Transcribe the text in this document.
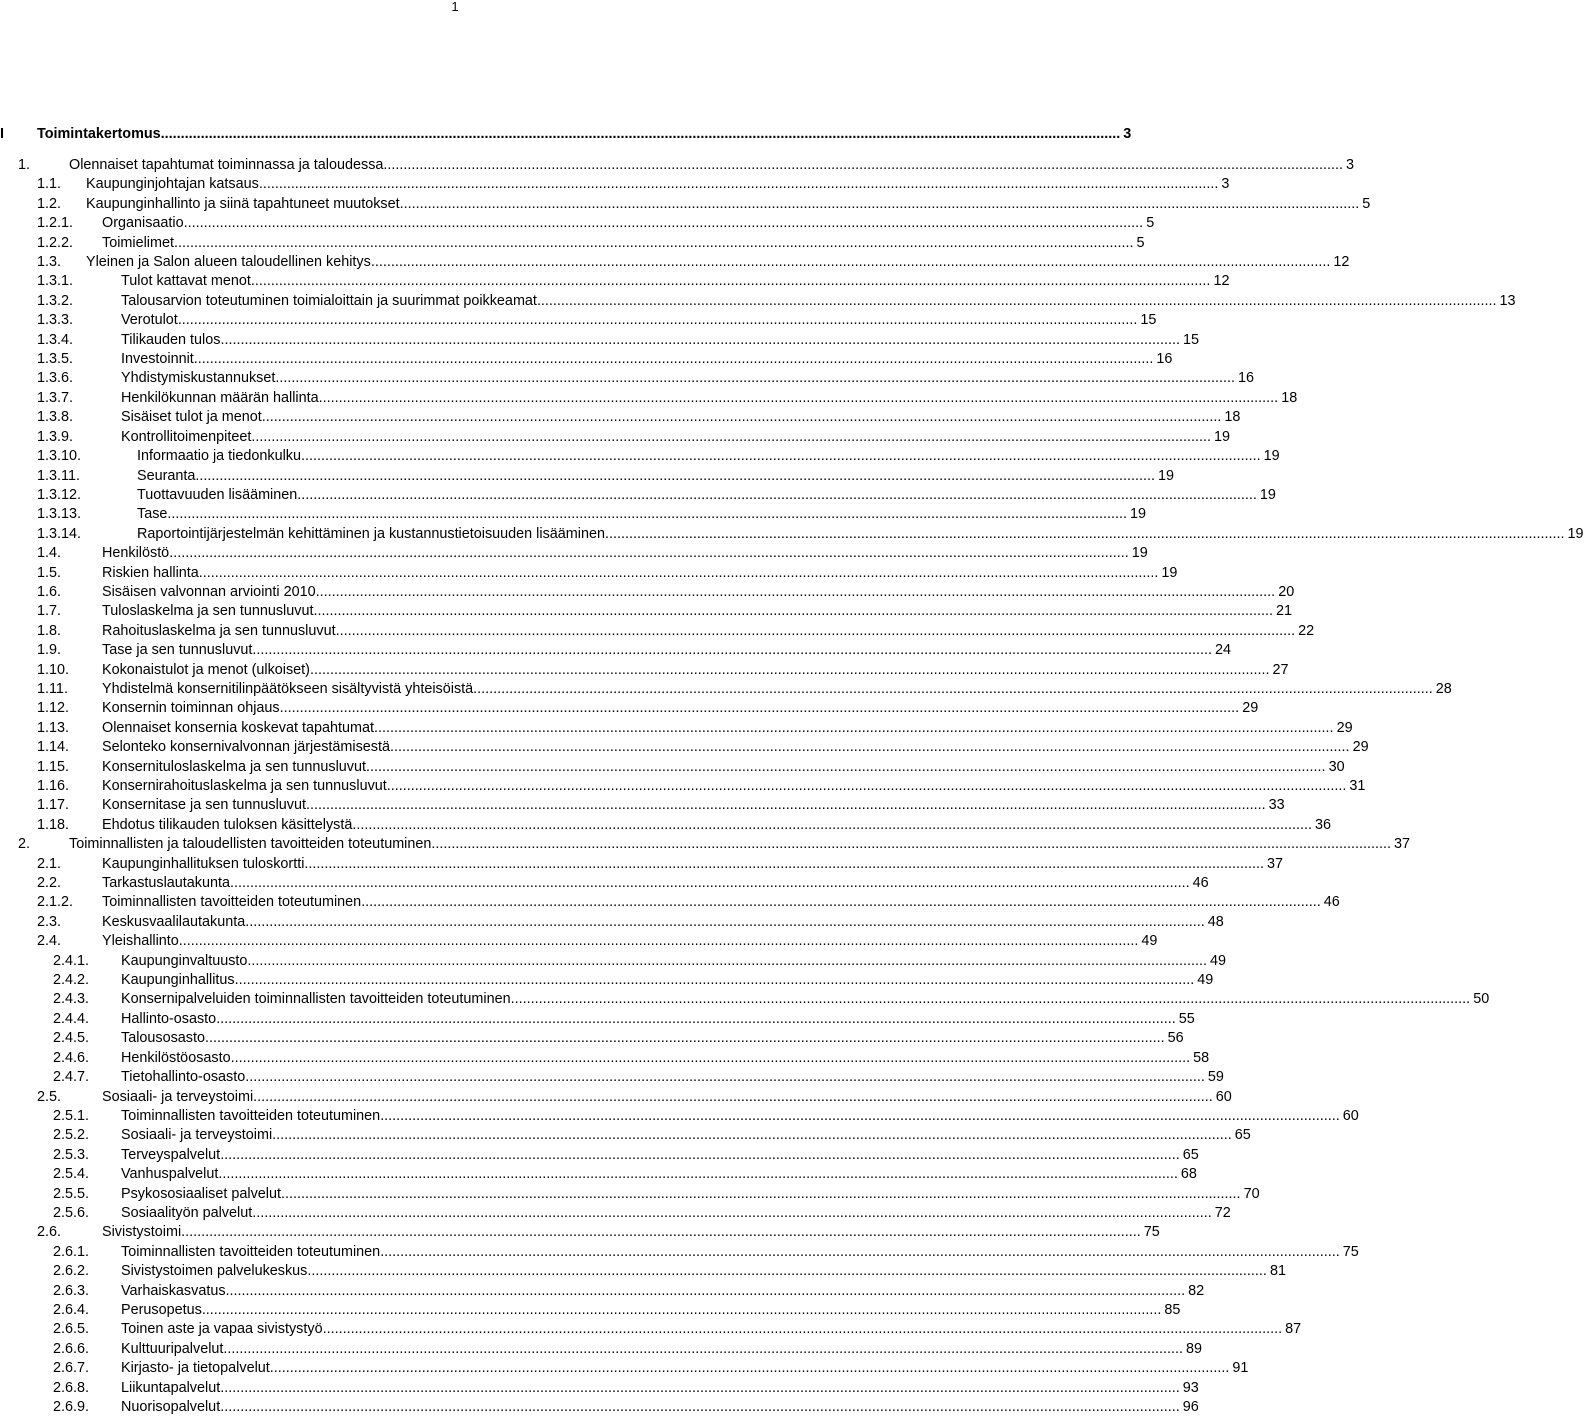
1
I	Toimintakertomus .....	3
1.	Olennaiset tapahtumat toiminnassa ja taloudessa .....	3
1.1.	Kaupunginjohtajan katsaus .....	3
1.2.	Kaupunginhallinto ja siinä tapahtuneet muutokset .....	5
1.2.1.	Organisaatio .....	5
1.2.2.	Toimielimet .....	5
1.3.	Yleinen ja Salon alueen taloudellinen kehitys .....	12
1.3.1.	Tulot kattavat menot .....	12
1.3.2.	Talousarvion toteutuminen toimialoittain ja suurimmat poikkeamat .....	13
1.3.3.	Verotulot .....	15
1.3.4.	Tilikauden tulos .....	15
1.3.5.	Investoinnit .....	16
1.3.6.	Yhdistymiskustannukset .....	16
1.3.7.	Henkilökunnan määrän hallinta .....	18
1.3.8.	Sisäiset tulot ja menot .....	18
1.3.9.	Kontrollitoimenpiteet .....	19
1.3.10.	Informaatio ja tiedonkulku .....	19
1.3.11.	Seuranta .....	19
1.3.12.	Tuottavuuden lisääminen .....	19
1.3.13.	Tase .....	19
1.3.14.	Raportointijärjestelmän kehittäminen ja kustannustietoisuuden lisääminen .....	19
1.4.	Henkilöstö .....	19
1.5.	Riskien hallinta .....	19
1.6.	Sisäisen valvonnan arviointi 2010 .....	20
1.7.	Tuloslaskelma ja sen tunnusluvut .....	21
1.8.	Rahoituslaskelma ja sen tunnusluvut .....	22
1.9.	Tase ja sen tunnusluvut .....	24
1.10.	Kokonaistulot ja menot (ulkoiset) .....	27
1.11.	Yhdistelmä konsernitilinpäätökseen sisältyvistä yhteisöistä .....	28
1.12.	Konsernin toiminnan ohjaus .....	29
1.13.	Olennaiset konsernia koskevat tapahtumat .....	29
1.14.	Selonteko konsernivalvonnan järjestämisestä .....	29
1.15.	Konsernituloslaskelma ja sen tunnusluvut .....	30
1.16.	Konsernirahoituslaskelma ja sen tunnusluvut .....	31
1.17.	Konsernitase ja sen tunnusluvut .....	33
1.18.	Ehdotus tilikauden tuloksen käsittelystä .....	36
2.	Toiminnallisten ja taloudellisten tavoitteiden toteutuminen .....	37
2.1.	Kaupunginhallituksen tuloskortti .....	37
2.2.	Tarkastuslautakunta .....	46
2.1.2.	Toiminnallisten tavoitteiden toteutuminen .....	46
2.3.	Keskusvaalilautakunta .....	48
2.4.	Yleishallinto .....	49
2.4.1.	Kaupunginvaltuusto .....	49
2.4.2.	Kaupunginhallitus .....	49
2.4.3.	Konsernipalveluiden toiminnallisten tavoitteiden toteutuminen .....	50
2.4.4.	Hallinto-osasto .....	55
2.4.5.	Talousosasto .....	56
2.4.6.	Henkilöstöosasto .....	58
2.4.7.	Tietohallinto-osasto .....	59
2.5.	Sosiaali- ja terveystoimi .....	60
2.5.1.	Toiminnallisten tavoitteiden toteutuminen .....	60
2.5.2.	Sosiaali- ja terveystoimi .....	65
2.5.3.	Terveyspalvelut .....	65
2.5.4.	Vanhuspalvelut .....	68
2.5.5.	Psykososiaaliset palvelut .....	70
2.5.6.	Sosiaalityön palvelut .....	72
2.6.	Sivistystoimi .....	75
2.6.1.	Toiminnallisten tavoitteiden toteutuminen .....	75
2.6.2.	Sivistystoimen palvelukeskus .....	81
2.6.3.	Varhaiskasvatus .....	82
2.6.4.	Perusopetus .....	85
2.6.5.	Toinen aste ja vapaa sivistystyö .....	87
2.6.6.	Kulttuuripalvelut .....	89
2.6.7.	Kirjasto- ja tietopalvelut .....	91
2.6.8.	Liikuntapalvelut .....	93
2.6.9.	Nuorisopalvelut .....	96
